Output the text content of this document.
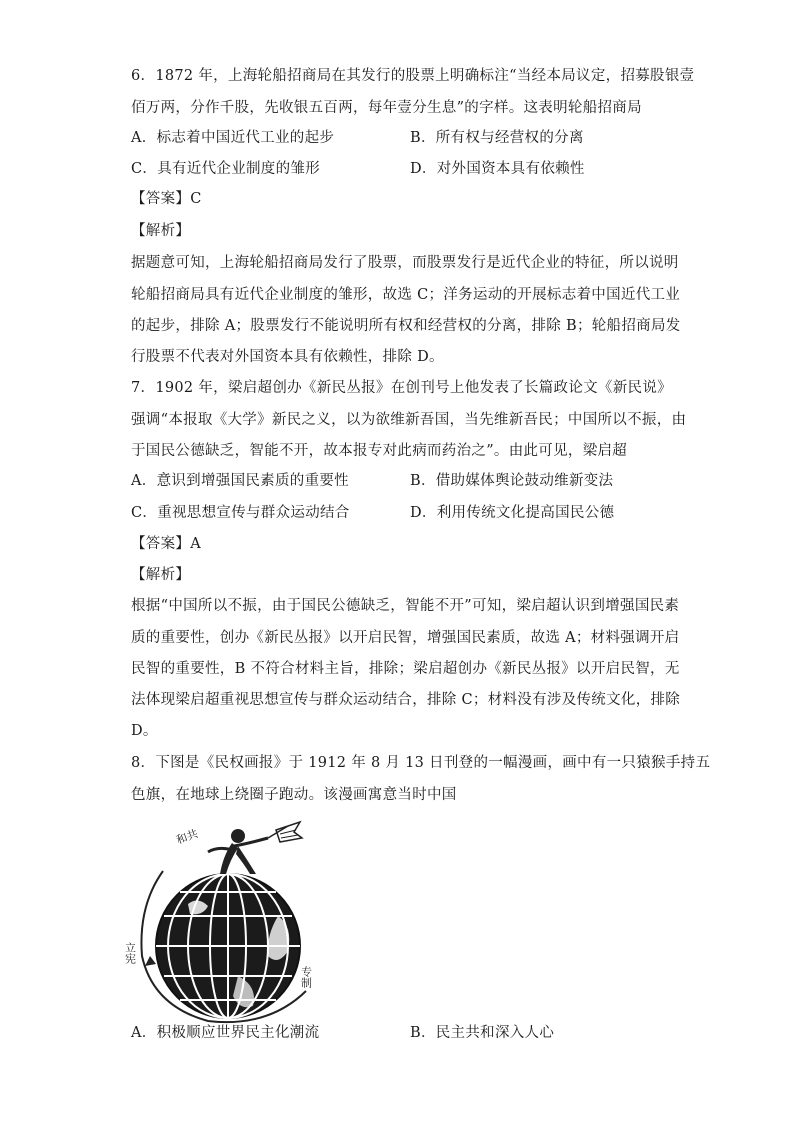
6．1872 年，上海轮船招商局在其发行的股票上明确标注“当经本局议定，招募股银壹
佰万两，分作千股，先收银五百两，每年壹分生息”的字样。这表明轮船招商局
A．标志着中国近代工业的起步	B．所有权与经营权的分离
C．具有近代企业制度的雏形	D．对外国资本具有依赖性
【答案】C
【解析】
据题意可知，上海轮船招商局发行了股票，而股票发行是近代企业的特征，所以说明
轮船招商局具有近代企业制度的雏形，故选 C；洋务运动的开展标志着中国近代工业
的起步，排除 A；股票发行不能说明所有权和经营权的分离，排除 B；轮船招商局发
行股票不代表对外国资本具有依赖性，排除 D。
7．1902 年，梁启超创办《新民丛报》在创刊号上他发表了长篇政论文《新民说》
强调“本报取《大学》新民之义，以为欲维新吾国，当先维新吾民；中国所以不振，由
于国民公德缺乏，智能不开，故本报专对此病而药治之”。由此可见，梁启超
A．意识到增强国民素质的重要性	B．借助媒体舆论鼓动维新变法
C．重视思想宣传与群众运动结合	D．利用传统文化提高国民公德
【答案】A
【解析】
根据“中国所以不振，由于国民公德缺乏，智能不开”可知，梁启超认识到增强国民素
质的重要性，创办《新民丛报》以开启民智，增强国民素质，故选 A；材料强调开启
民智的重要性，B 不符合材料主旨，排除；梁启超创办《新民丛报》以开启民智，无
法体现梁启超重视思想宣传与群众运动结合，排除 C；材料没有涉及传统文化，排除
D。
8．下图是《民权画报》于 1912 年 8 月 13 日刊登的一幅漫画，画中有一只猿猴手持五
色旗，在地球上绕圈子跑动。该漫画寓意当时中国
和共
立宪
专制
A．积极顺应世界民主化潮流	B．民主共和深入人心
